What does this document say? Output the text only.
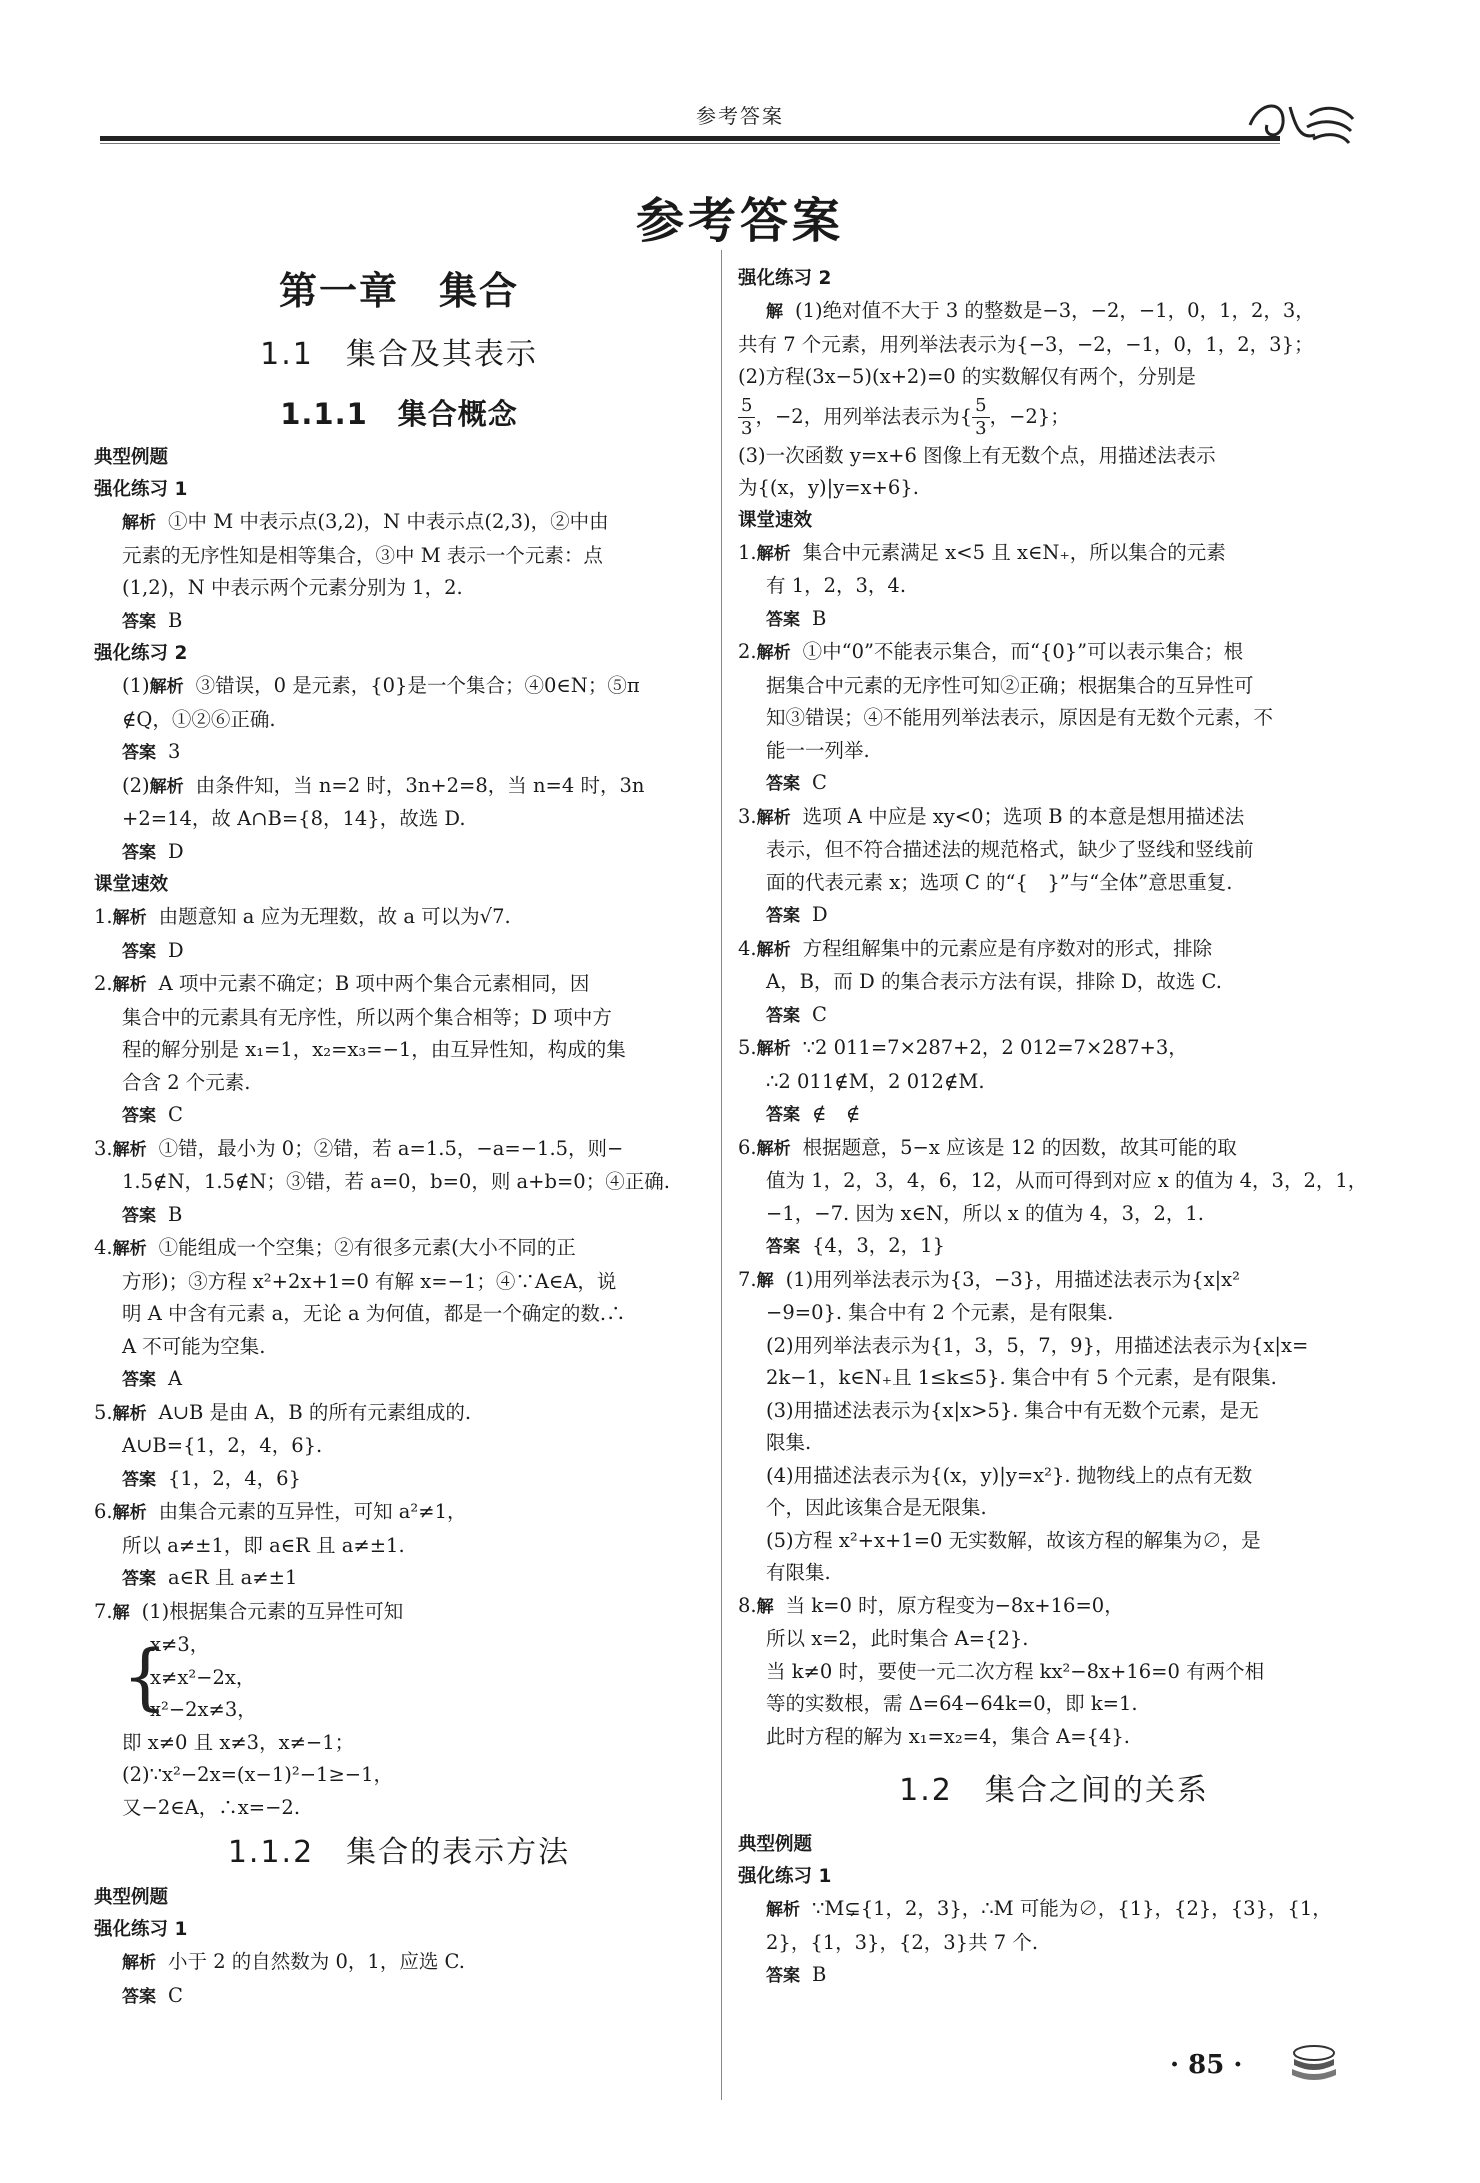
参考答案
参考答案
第一章　集合
1.1　集合及其表示
1.1.1　集合概念
典型例题
强化练习 1
解析 ①中 M 中表示点(3,2)，N 中表示点(2,3)，②中由
元素的无序性知是相等集合，③中 M 表示一个元素：点
(1,2)，N 中表示两个元素分别为 1，2.
答案 B
强化练习 2
(1)解析 ③错误，0 是元素，{0}是一个集合；④0∈N；⑤π
∉Q，①②⑥正确.
答案 3
(2)解析 由条件知，当 n=2 时，3n+2=8，当 n=4 时，3n
+2=14，故 A∩B={8，14}，故选 D.
答案 D
课堂速效
1.解析 由题意知 a 应为无理数，故 a 可以为√7.
答案 D
2.解析 A 项中元素不确定；B 项中两个集合元素相同，因
集合中的元素具有无序性，所以两个集合相等；D 项中方
程的解分别是 x₁=1，x₂=x₃=−1，由互异性知，构成的集
合含 2 个元素.
答案 C
3.解析 ①错，最小为 0；②错，若 a=1.5，−a=−1.5，则−
1.5∉N，1.5∉N；③错，若 a=0，b=0，则 a+b=0；④正确.
答案 B
4.解析 ①能组成一个空集；②有很多元素(大小不同的正
方形)；③方程 x²+2x+1=0 有解 x=−1；④∵A∈A，说
明 A 中含有元素 a，无论 a 为何值，都是一个确定的数.∴
A 不可能为空集.
答案 A
5.解析 A∪B 是由 A，B 的所有元素组成的.
A∪B={1，2，4，6}.
答案 {1，2，4，6}
6.解析 由集合元素的互异性，可知 a²≠1，
所以 a≠±1，即 a∈R 且 a≠±1.
答案 a∈R 且 a≠±1
7.解 (1)根据集合元素的互异性可知
{
x≠3，
x≠x²−2x，
x²−2x≠3，
即 x≠0 且 x≠3，x≠−1；
(2)∵x²−2x=(x−1)²−1≥−1，
又−2∈A，∴x=−2.
1.1.2　集合的表示方法
典型例题
强化练习 1
解析 小于 2 的自然数为 0，1，应选 C.
答案 C
强化练习 2
解 (1)绝对值不大于 3 的整数是−3，−2，−1，0，1，2，3，
共有 7 个元素，用列举法表示为{−3，−2，−1，0，1，2，3}；
(2)方程(3x−5)(x+2)=0 的实数解仅有两个，分别是
$\frac{5}{3}$，−2，用列举法表示为{ $\frac{5}{3}$，−2}；
(3)一次函数 y=x+6 图像上有无数个点，用描述法表示
为{(x，y)|y=x+6}.
课堂速效
1.解析 集合中元素满足 x<5 且 x∈N₊，所以集合的元素
有 1，2，3，4.
答案 B
2.解析 ①中“0”不能表示集合，而“{0}”可以表示集合；根
据集合中元素的无序性可知②正确；根据集合的互异性可
知③错误；④不能用列举法表示，原因是有无数个元素，不
能一一列举.
答案 C
3.解析 选项 A 中应是 xy<0；选项 B 的本意是想用描述法
表示，但不符合描述法的规范格式，缺少了竖线和竖线前
面的代表元素 x；选项 C 的“{　}”与“全体”意思重复.
答案 D
4.解析 方程组解集中的元素应是有序数对的形式，排除
A，B，而 D 的集合表示方法有误，排除 D，故选 C.
答案 C
5.解析 ∵2 011=7×287+2，2 012=7×287+3，
∴2 011∉M，2 012∉M.
答案 ∉　∉
6.解析 根据题意，5−x 应该是 12 的因数，故其可能的取
值为 1，2，3，4，6，12，从而可得到对应 x 的值为 4，3，2，1，
−1，−7. 因为 x∈N，所以 x 的值为 4，3，2，1.
答案 {4，3，2，1}
7.解 (1)用列举法表示为{3，−3}，用描述法表示为{x|x²
−9=0}. 集合中有 2 个元素，是有限集.
(2)用列举法表示为{1，3，5，7，9}，用描述法表示为{x|x=
2k−1，k∈N₊且 1≤k≤5}. 集合中有 5 个元素，是有限集.
(3)用描述法表示为{x|x>5}. 集合中有无数个元素，是无
限集.
(4)用描述法表示为{(x，y)|y=x²}. 抛物线上的点有无数
个，因此该集合是无限集.
(5)方程 x²+x+1=0 无实数解，故该方程的解集为∅，是
有限集.
8.解 当 k=0 时，原方程变为−8x+16=0，
所以 x=2，此时集合 A={2}.
当 k≠0 时，要使一元二次方程 kx²−8x+16=0 有两个相
等的实数根，需 Δ=64−64k=0，即 k=1.
此时方程的解为 x₁=x₂=4，集合 A={4}.
1.2　集合之间的关系
典型例题
强化练习 1
解析 ∵M⊊{1，2，3}，∴M 可能为∅，{1}，{2}，{3}，{1，
2}，{1，3}，{2，3}共 7 个.
答案 B
· 85 ·
